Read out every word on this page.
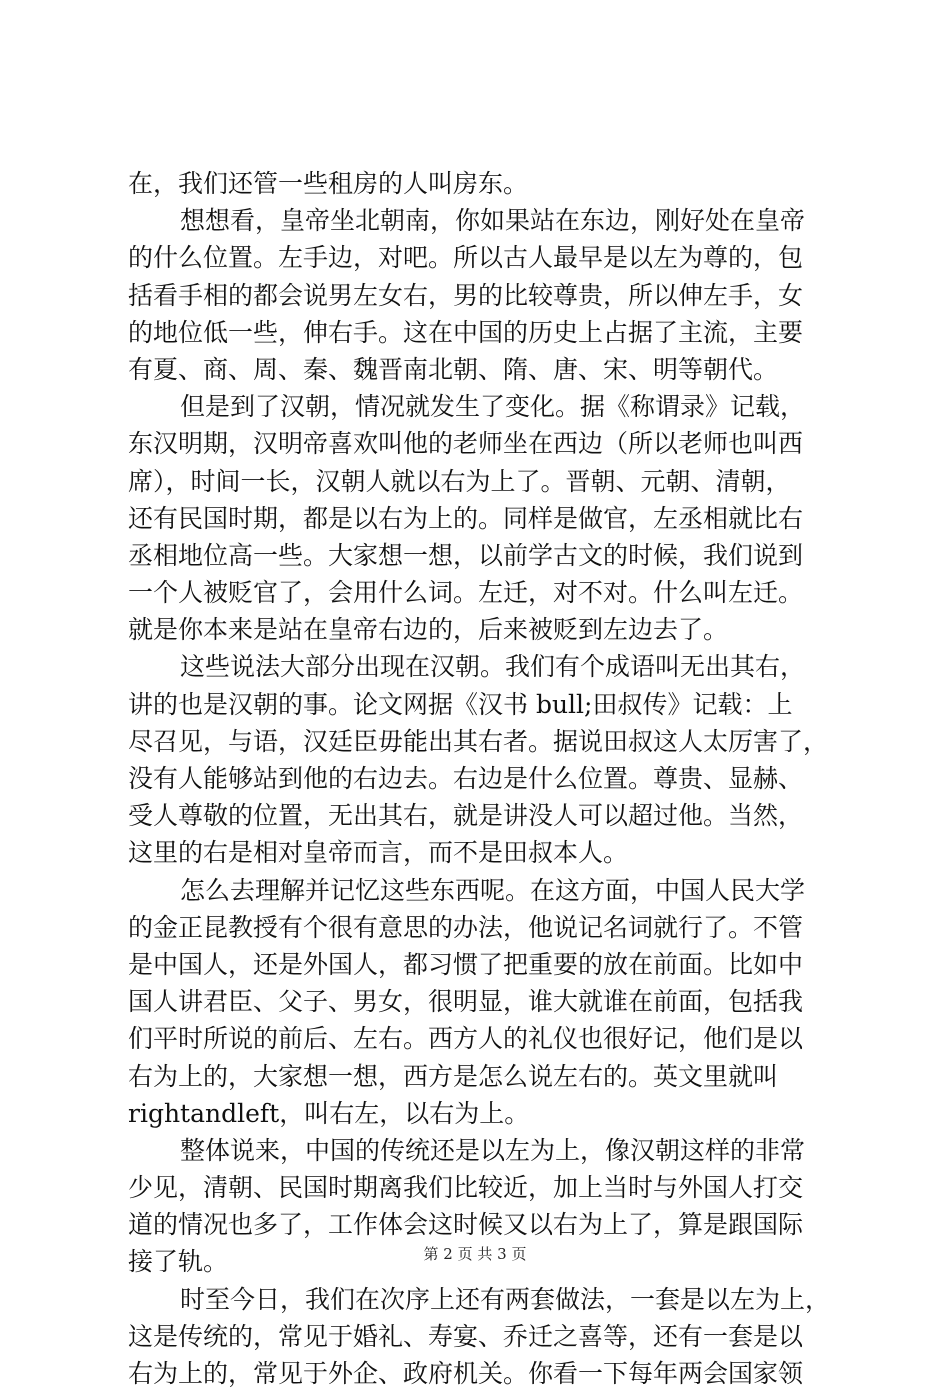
在，我们还管一些租房的人叫房东。
想想看，皇帝坐北朝南，你如果站在东边，刚好处在皇帝
的什么位置。左手边，对吧。所以古人最早是以左为尊的，包
括看手相的都会说男左女右，男的比较尊贵，所以伸左手，女
的地位低一些，伸右手。这在中国的历史上占据了主流，主要
有夏、商、周、秦、魏晋南北朝、隋、唐、宋、明等朝代。
但是到了汉朝，情况就发生了变化。据《称谓录》记载，
东汉明期，汉明帝喜欢叫他的老师坐在西边（所以老师也叫西
席），时间一长，汉朝人就以右为上了。晋朝、元朝、清朝，
还有民国时期，都是以右为上的。同样是做官，左丞相就比右
丞相地位高一些。大家想一想，以前学古文的时候，我们说到
一个人被贬官了，会用什么词。左迁，对不对。什么叫左迁。
就是你本来是站在皇帝右边的，后来被贬到左边去了。
这些说法大部分出现在汉朝。我们有个成语叫无出其右，
讲的也是汉朝的事。论文网据《汉书 bull;田叔传》记载：上
尽召见，与语，汉廷臣毋能出其右者。据说田叔这人太厉害了，
没有人能够站到他的右边去。右边是什么位置。尊贵、显赫、
受人尊敬的位置，无出其右，就是讲没人可以超过他。当然，
这里的右是相对皇帝而言，而不是田叔本人。
怎么去理解并记忆这些东西呢。在这方面，中国人民大学
的金正昆教授有个很有意思的办法，他说记名词就行了。不管
是中国人，还是外国人，都习惯了把重要的放在前面。比如中
国人讲君臣、父子、男女，很明显，谁大就谁在前面，包括我
们平时所说的前后、左右。西方人的礼仪也很好记，他们是以
右为上的，大家想一想，西方是怎么说左右的。英文里就叫
rightandleft，叫右左，以右为上。
整体说来，中国的传统还是以左为上，像汉朝这样的非常
少见，清朝、民国时期离我们比较近，加上当时与外国人打交
道的情况也多了，工作体会这时候又以右为上了，算是跟国际
接了轨。
时至今日，我们在次序上还有两套做法，一套是以左为上，
这是传统的，常见于婚礼、寿宴、乔迁之喜等，还有一套是以
右为上的，常见于外企、政府机关。你看一下每年两会国家领
第 2 页 共 3 页
